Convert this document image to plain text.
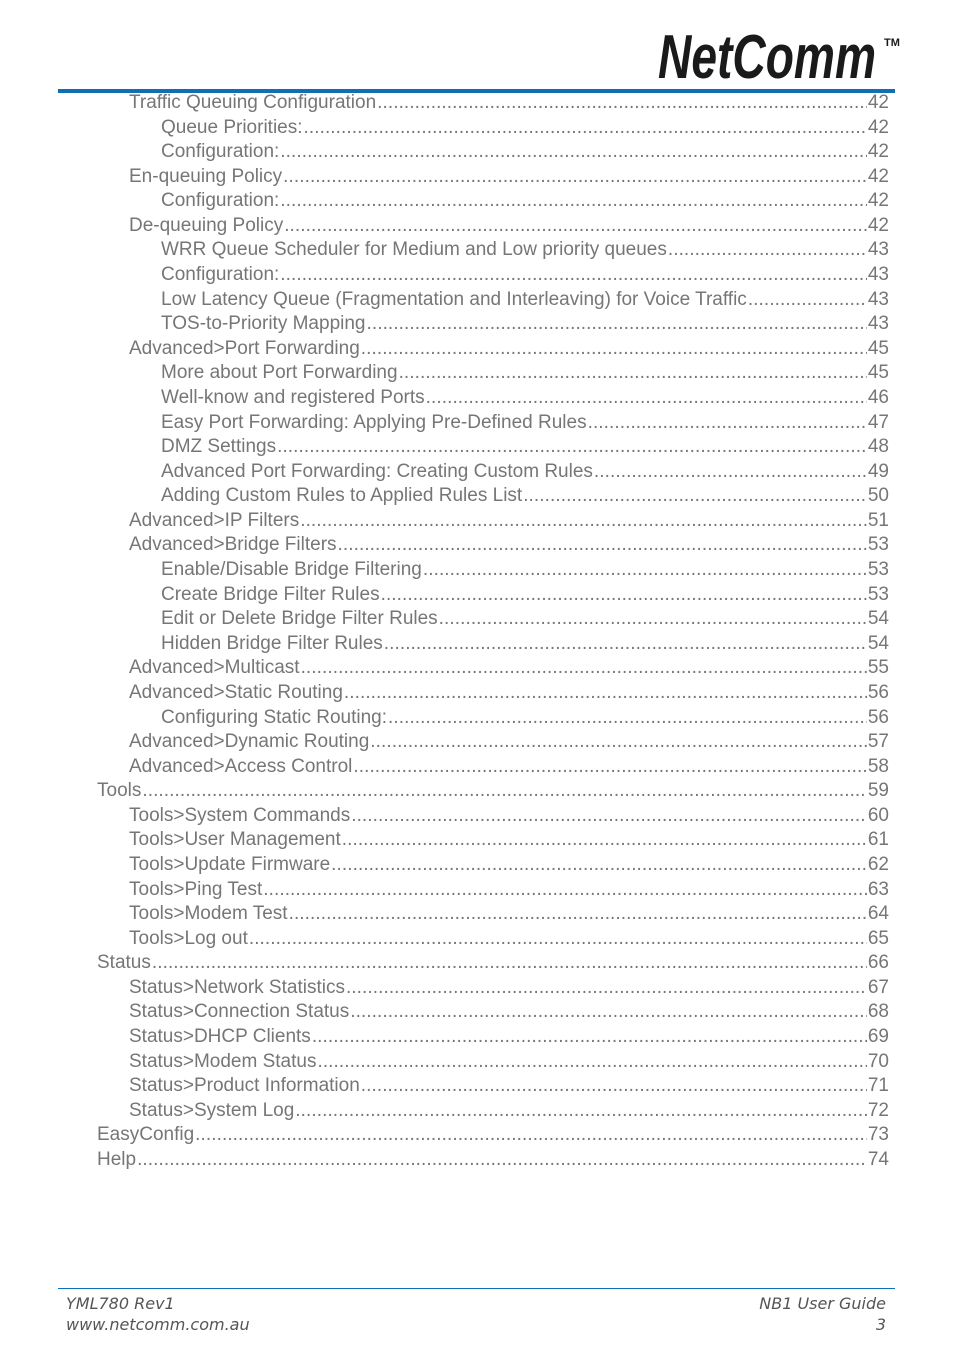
NetComm TM
Traffic Queuing Configuration . . .	42
Queue Priorities: . . .	42
Configuration: . . .	42
En-queuing Policy . . .	42
Configuration: . . .	42
De-queuing Policy . . .	42
WRR Queue Scheduler for Medium and Low priority queues . . .	43
Configuration: . . .	43
Low Latency Queue (Fragmentation and Interleaving) for Voice Traffic . . .	43
TOS-to-Priority Mapping . . .	43
Advanced>Port Forwarding . . .	45
More about Port Forwarding . . .	45
Well-know and registered Ports . . .	46
Easy Port Forwarding: Applying Pre-Defined Rules . . .	47
DMZ Settings . . .	48
Advanced Port Forwarding: Creating Custom Rules . . .	49
Adding Custom Rules to Applied Rules List . . .	50
Advanced>IP Filters . . .	51
Advanced>Bridge Filters . . .	53
Enable/Disable Bridge Filtering . . .	53
Create Bridge Filter Rules . . .	53
Edit or Delete Bridge Filter Rules . . .	54
Hidden Bridge Filter Rules . . .	54
Advanced>Multicast . . .	55
Advanced>Static Routing . . .	56
Configuring Static Routing: . . .	56
Advanced>Dynamic Routing . . .	57
Advanced>Access Control . . .	58
Tools . . .	59
Tools>System Commands . . .	60
Tools>User Management . . .	61
Tools>Update Firmware . . .	62
Tools>Ping Test . . .	63
Tools>Modem Test . . .	64
Tools>Log out . . .	65
Status . . .	66
Status>Network Statistics . . .	67
Status>Connection Status . . .	68
Status>DHCP Clients . . .	69
Status>Modem Status . . .	70
Status>Product Information . . .	71
Status>System Log . . .	72
EasyConfig . . .	73
Help . . .	74
YML780 Rev1
www.netcomm.com.au
NB1 User Guide
3
